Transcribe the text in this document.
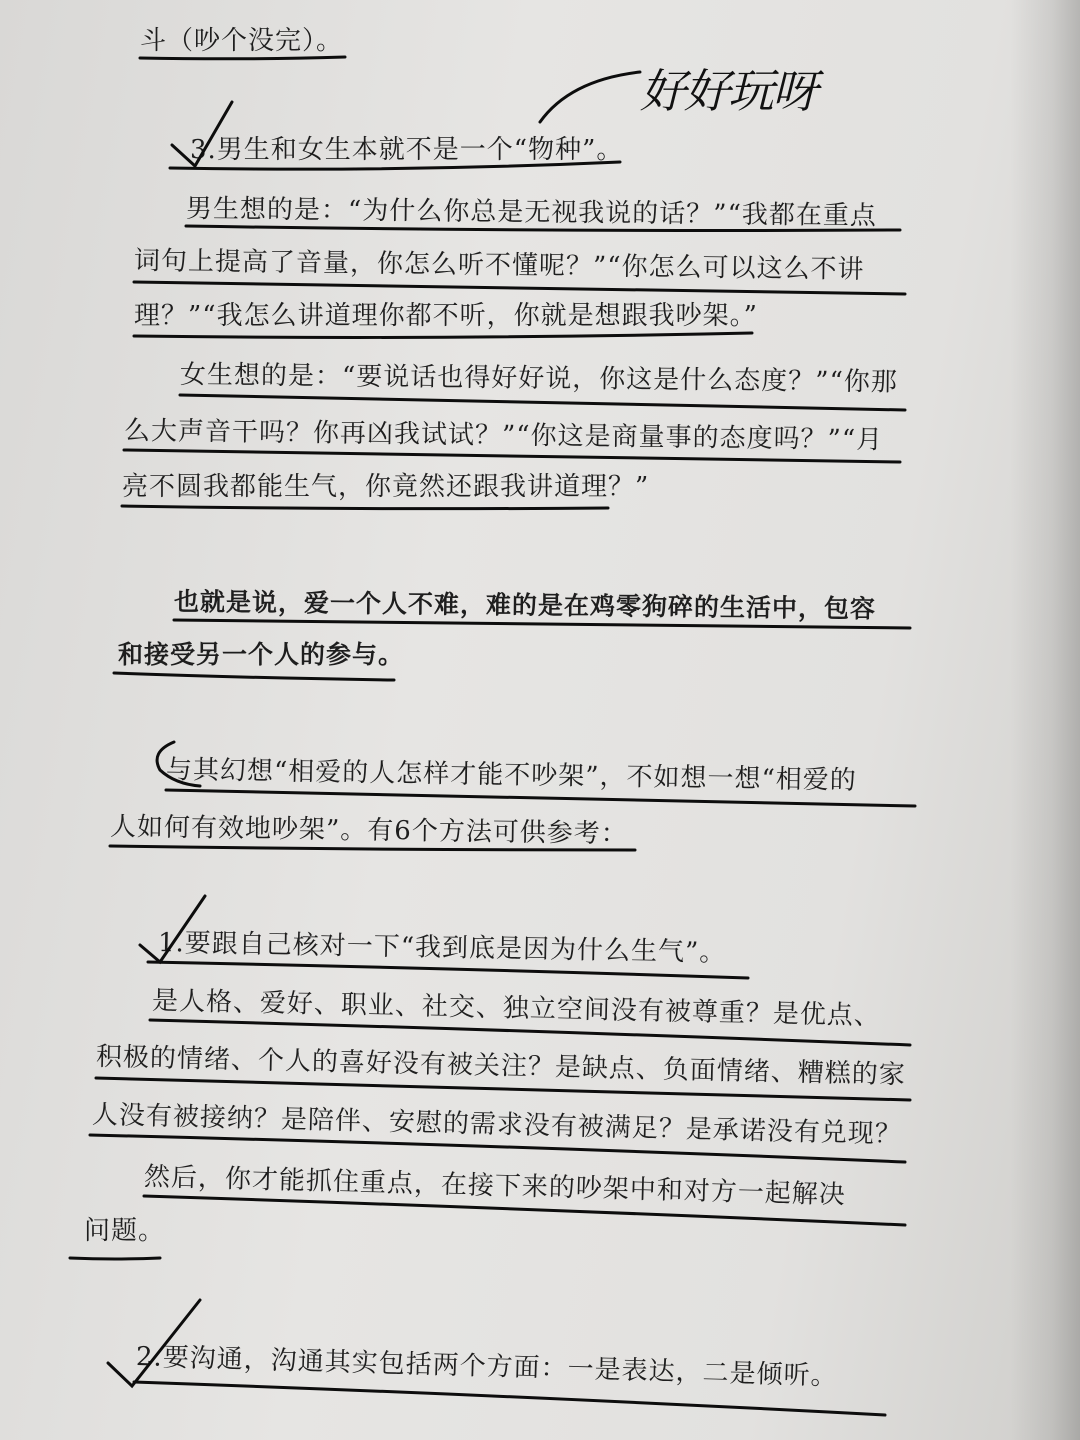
斗（吵个没完）。
3.男生和女生本就不是一个“物种”。
男生想的是：“为什么你总是无视我说的话？”“我都在重点
词句上提高了音量，你怎么听不懂呢？”“你怎么可以这么不讲
理？”“我怎么讲道理你都不听，你就是想跟我吵架。”
女生想的是：“要说话也得好好说，你这是什么态度？”“你那
么大声音干吗？你再凶我试试？”“你这是商量事的态度吗？”“月
亮不圆我都能生气，你竟然还跟我讲道理？”
也就是说，爱一个人不难，难的是在鸡零狗碎的生活中，包容
和接受另一个人的参与。
与其幻想“相爱的人怎样才能不吵架”，不如想一想“相爱的
人如何有效地吵架”。有6个方法可供参考：
1.要跟自己核对一下“我到底是因为什么生气”。
是人格、爱好、职业、社交、独立空间没有被尊重？是优点、
积极的情绪、个人的喜好没有被关注？是缺点、负面情绪、糟糕的家
人没有被接纳？是陪伴、安慰的需求没有被满足？是承诺没有兑现？
然后，你才能抓住重点，在接下来的吵架中和对方一起解决
问题。
2.要沟通，沟通其实包括两个方面：一是表达，二是倾听。
好好玩呀
